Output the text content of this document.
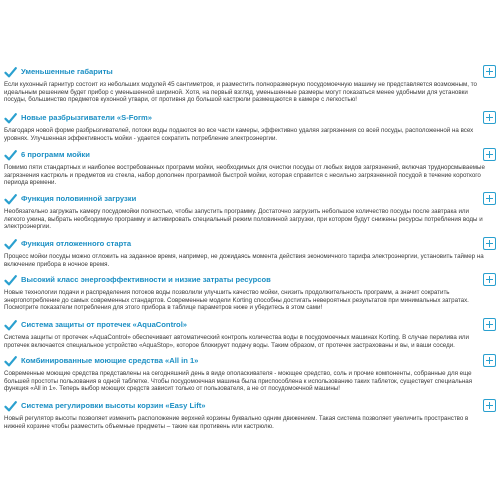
Уменьшенные габариты

Если кухонный гарнитур состоит из небольших модулей 45 сантиметров, и разместить полноразмерную посудомоечную машину не представляется возможным, то идеальным решением будет прибор с уменьшенной шириной. Хотя, на первый взгляд, уменьшенные размеры могут показаться менее удобными для установки посуды, большинство предметов кухонной утвари, от противня до большой кастрюли размещаются в камере с легкостью!

Новые разбрызгиватели «S-Form»

Благодаря новой форме разбрызгивателей, потоки воды подаются во все части камеры, эффективно удаляя загрязнения со всей посуды, расположенной на всех уровнях. Улучшенная эффективность мойки - удается сократить потребление электроэнергии.

6 программ мойки

Помимо пяти стандартных и наиболее востребованных программ мойки, необходимых для очистки посуды от любых видов загрязнений, включая труднорсмываемые загрязнения кастрюль и предметов из стекла, набор дополнен программой быстрой мойки, которая справится с несильно загрязненной посудой в течение короткого периода времени.

Функция половинной загрузки

Необязательно загружать камеру посудомойки полностью, чтобы запустить программу. Достаточно загрузить небольшое количество посуды после завтрака или легкого ужина, выбрать необходимую программу и активировать специальный режим половинной загрузки, при котором будут снижены ресурсы потребления воды и электроэнергии.

Функция отложенного старта

Процесс мойки посуды можно отложить на заданное время, например, не дожидаясь момента действия экономичного тарифа электроэнергии, установить таймер на включение прибора в ночное время.

Высокий класс энергоэффективности и низкие затраты ресурсов

Новые технологии подачи и распределения потоков воды позволили улучшить качество мойки, снизить продолжительность программ, а значит сократить энергопотребление до самых современных стандартов. Современные модели Korting способны достигать невероятных результатов при минимальных затратах. Посмотрите показатели потребления для этого прибора в таблице параметров ниже и убедитесь в этом сами!

Система защиты от протечек «AquaControl»

Система защиты от протечек «AquaControl» обеспечивает автоматический контроль количества воды в посудомоечных машинах Korting. В случае перелива или протечек включается специальное устройство «AquaStop», которое блокирует подачу воды. Таким образом, от протечек застрахованы и вы, и ваши соседи.

Комбинированные моющие средства «All in 1»

Современные моющие средства представлены на сегодняшний день в виде ополаскивателя - моющее средство, соль и прочие компоненты, собранные для еще большей простоты пользования в одной таблетке. Чтобы посудомоечная машина была приспособлена к использованию таких таблеток, существует специальная функция «All in 1». Теперь выбор моющих средств зависит только от пользователя, а не от посудомоечной машины!

Система регулировки высоты корзин «Easy Lift»

Новый регулятор высоты позволяет изменить расположение верхней корзины буквально одним движением. Такая система позволяет увеличить пространство в нижней корзине чтобы разместить объемные предметы – такие как противень или кастрюлю.
